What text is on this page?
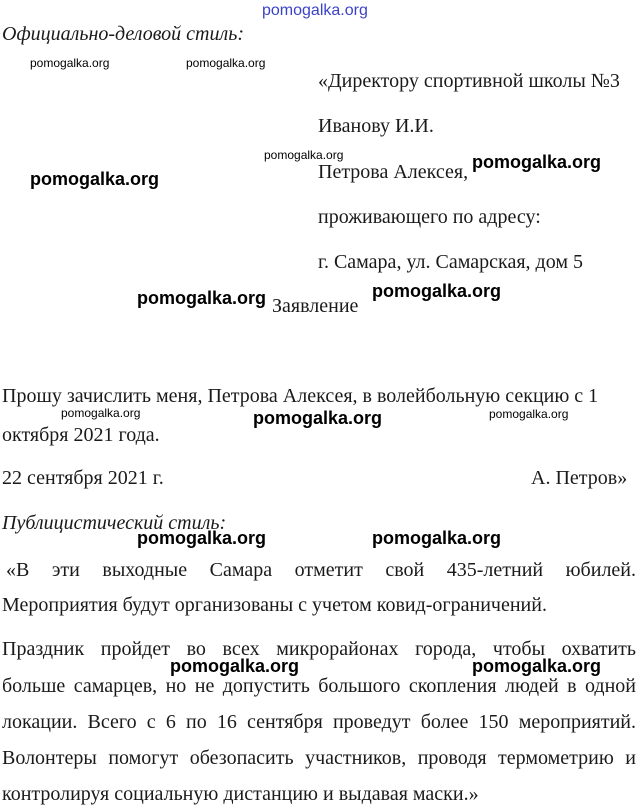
pomogalka.org
Официально-деловой стиль:
«Директору спортивной школы №3
Иванову И.И.
Петрова Алексея,
проживающего по адресу:
г. Самара, ул. Самарская, дом 5
Заявление
Прошу зачислить меня, Петрова Алексея, в волейбольную секцию с 1
октября 2021 года.
22 сентября 2021 г.	А. Петров»
Публицистический стиль:
«В эти выходные Самара отметит свой 435-летний юбилей.
Мероприятия будут организованы с учетом ковид-ограничений.
Праздник пройдет во всех микрорайонах города, чтобы охватить
больше самарцев, но не допустить большого скопления людей в одной
локации. Всего с 6 по 16 сентября проведут более 150 мероприятий.
Волонтеры помогут обезопасить участников, проводя термометрию и
контролируя социальную дистанцию и выдавая маски.»
pomogalka.org	pomogalka.org
pomogalka.org	pomogalka.org
pomogalka.org
pomogalka.org	pomogalka.org
pomogalka.org	pomogalka.org	pomogalka.org
pomogalka.org	pomogalka.org
pomogalka.org	pomogalka.org
